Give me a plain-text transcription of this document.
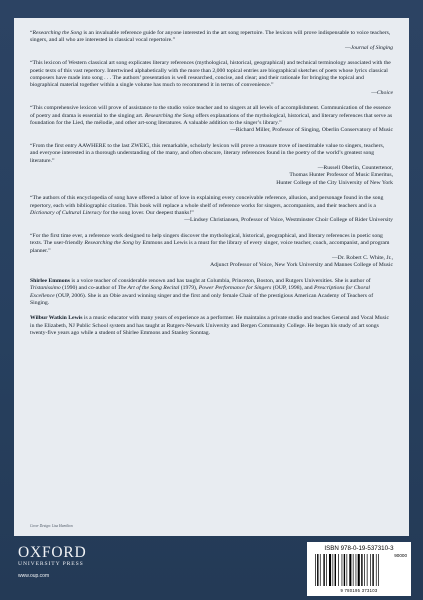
“Researching the Song is an invaluable reference guide for anyone interested in the art song repertoire. The lexicon will prove indispensable to voice teachers, singers, and all who are interested in classical vocal repertoire.”

—Journal of Singing

“This lexicon of Western classical art song explicates literary references (mythological, historical, geographical) and technical terminology associated with the poetic texts of this vast repertory. Intertwined alphabetically with the more than 2,000 topical entries are biographical sketches of poets whose lyrics classical composers have made into song . . . The authors’ presentation is well researched, concise, and clear; and their rationale for bringing the topical and biographical material together within a single volume has much to recommend it in terms of convenience.”

—Choice

“This comprehensive lexicon will prove of assistance to the studio voice teacher and to singers at all levels of accomplishment. Communication of the essence of poetry and drama is essential to the singing art. Researching the Song offers explanations of the mythological, historical, and literary references that serve as foundation for the Lied, the mélodie, and other art-song literatures. A valuable addition to the singer’s library.”

—Richard Miller, Professor of Singing, Oberlin Conservatory of Music

“From the first entry AAWHERE to the last ZWEIG, this remarkable, scholarly lexicon will prove a treasure trove of inestimable value to singers, teachers, and everyone interested in a thorough understanding of the many, and often obscure, literary references found in the poetry of the world’s greatest song literature.”

—Russell Oberlin, Countertenor,
Thomas Hunter Professor of Music Emeritus,
Hunter College of the City University of New York

“The authors of this encyclopedia of song have offered a labor of love in explaining every conceivable reference, allusion, and personage found in the song repertory, each with bibliographic citation. This book will replace a whole shelf of reference works for singers, accompanists, and their teachers and is a Dictionary of Cultural Literacy for the song lover. Our deepest thanks!”

—Lindsey Christiansen, Professor of Voice, Westminster Choir College of Rider University

“For the first time ever, a reference work designed to help singers discover the mythological, historical, geographical, and literary references in poetic song texts. The user-friendly Researching the Song by Emmons and Lewis is a must for the library of every singer, voice teacher, coach, accompanist, and program planner.”

—Dr. Robert C. White, Jr.,
Adjunct Professor of Voice, New York University and Mannes College of Music

Shirlee Emmons is a voice teacher of considerable renown and has taught at Columbia, Princeton, Boston, and Rutgers Universities. She is author of Tristanissimo (1990) and co-author of The Art of the Song Recital (1979), Power Performance for Singers (OUP, 1998), and Prescriptions for Choral Excellence (OUP, 2006). She is an Obie award winning singer and the first and only female Chair of the prestigious American Academy of Teachers of Singing.

Wilbur Watkin Lewis is a music educator with many years of experience as a performer. He maintains a private studio and teaches General and Vocal Music in the Elizabeth, NJ Public School system and has taught at Rutgers-Newark University and Bergen Community College. He began his study of art songs twenty-five years ago while a student of Shirlee Emmons and Stanley Sonntag.

Cover Design: Lisa Hamilton
OXFORD
UNIVERSITY PRESS
www.oup.com
ISBN 978-0-19-537310-3
90000
9 780195 373103
